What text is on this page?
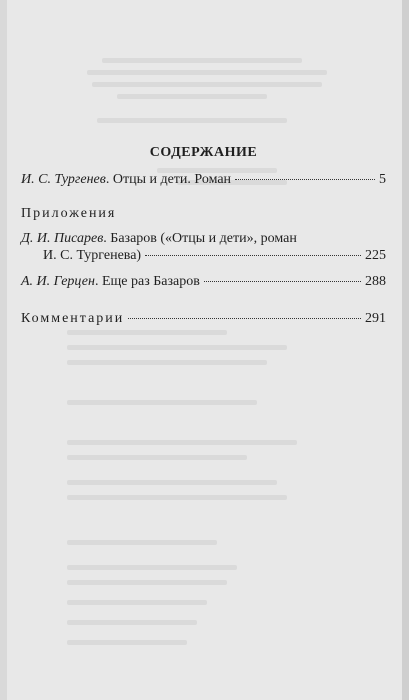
СОДЕРЖАНИЕ
И. С. Тургенев. Отцы и дети. Роман	5
Приложения
Д. И. Писарев. Базаров («Отцы и дети», роман
И. С. Тургенева)	225
А. И. Герцен. Еще раз Базаров	288
Комментарии	291
